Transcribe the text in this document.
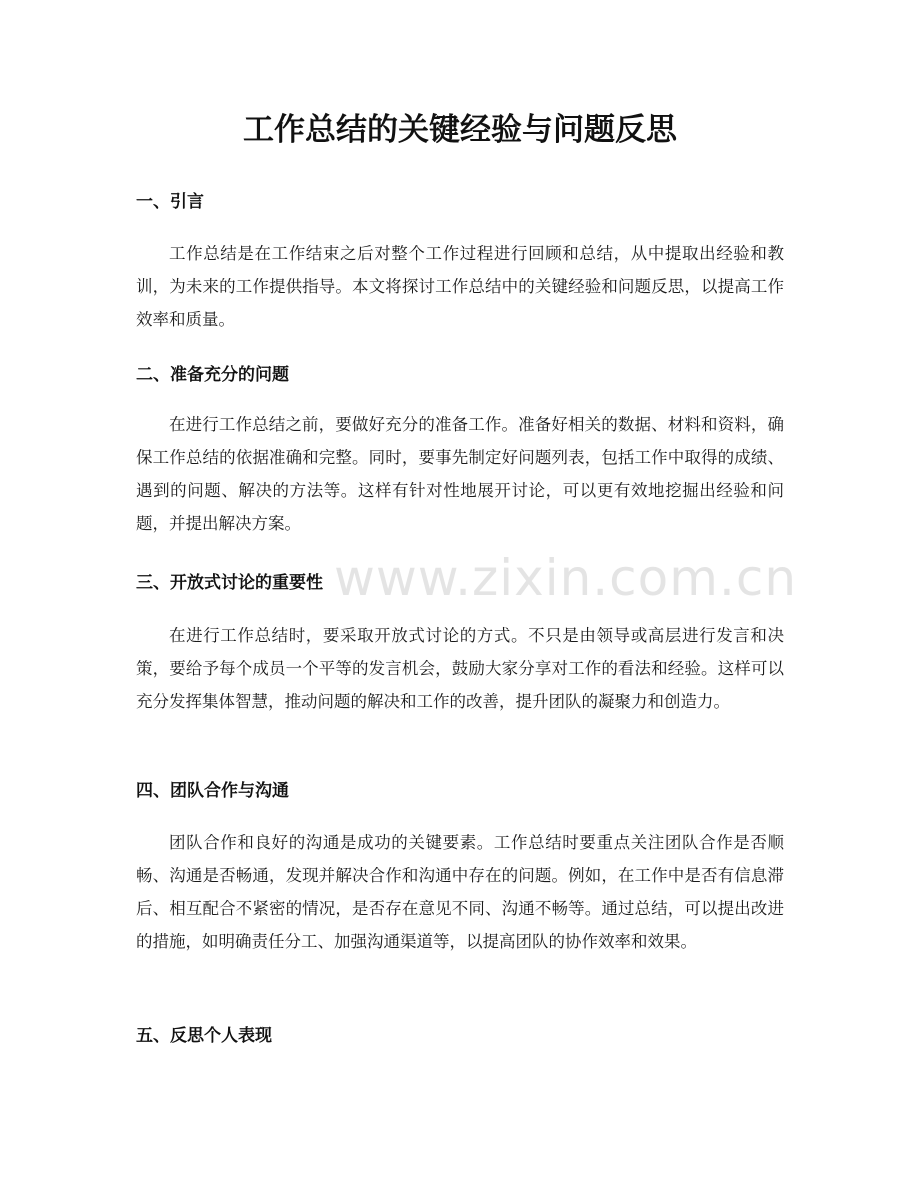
工作总结的关键经验与问题反思
一、引言

工作总结是在工作结束之后对整个工作过程进行回顾和总结，从中提取出经验和教训，为未来的工作提供指导。本文将探讨工作总结中的关键经验和问题反思，以提高工作效率和质量。

二、准备充分的问题

在进行工作总结之前，要做好充分的准备工作。准备好相关的数据、材料和资料，确保工作总结的依据准确和完整。同时，要事先制定好问题列表，包括工作中取得的成绩、遇到的问题、解决的方法等。这样有针对性地展开讨论，可以更有效地挖掘出经验和问题，并提出解决方案。

三、开放式讨论的重要性

在进行工作总结时，要采取开放式讨论的方式。不只是由领导或高层进行发言和决策，要给予每个成员一个平等的发言机会，鼓励大家分享对工作的看法和经验。这样可以充分发挥集体智慧，推动问题的解决和工作的改善，提升团队的凝聚力和创造力。

四、团队合作与沟通

团队合作和良好的沟通是成功的关键要素。工作总结时要重点关注团队合作是否顺畅、沟通是否畅通，发现并解决合作和沟通中存在的问题。例如，在工作中是否有信息滞后、相互配合不紧密的情况，是否存在意见不同、沟通不畅等。通过总结，可以提出改进的措施，如明确责任分工、加强沟通渠道等，以提高团队的协作效率和效果。

五、反思个人表现
www.zixin.com.cn
